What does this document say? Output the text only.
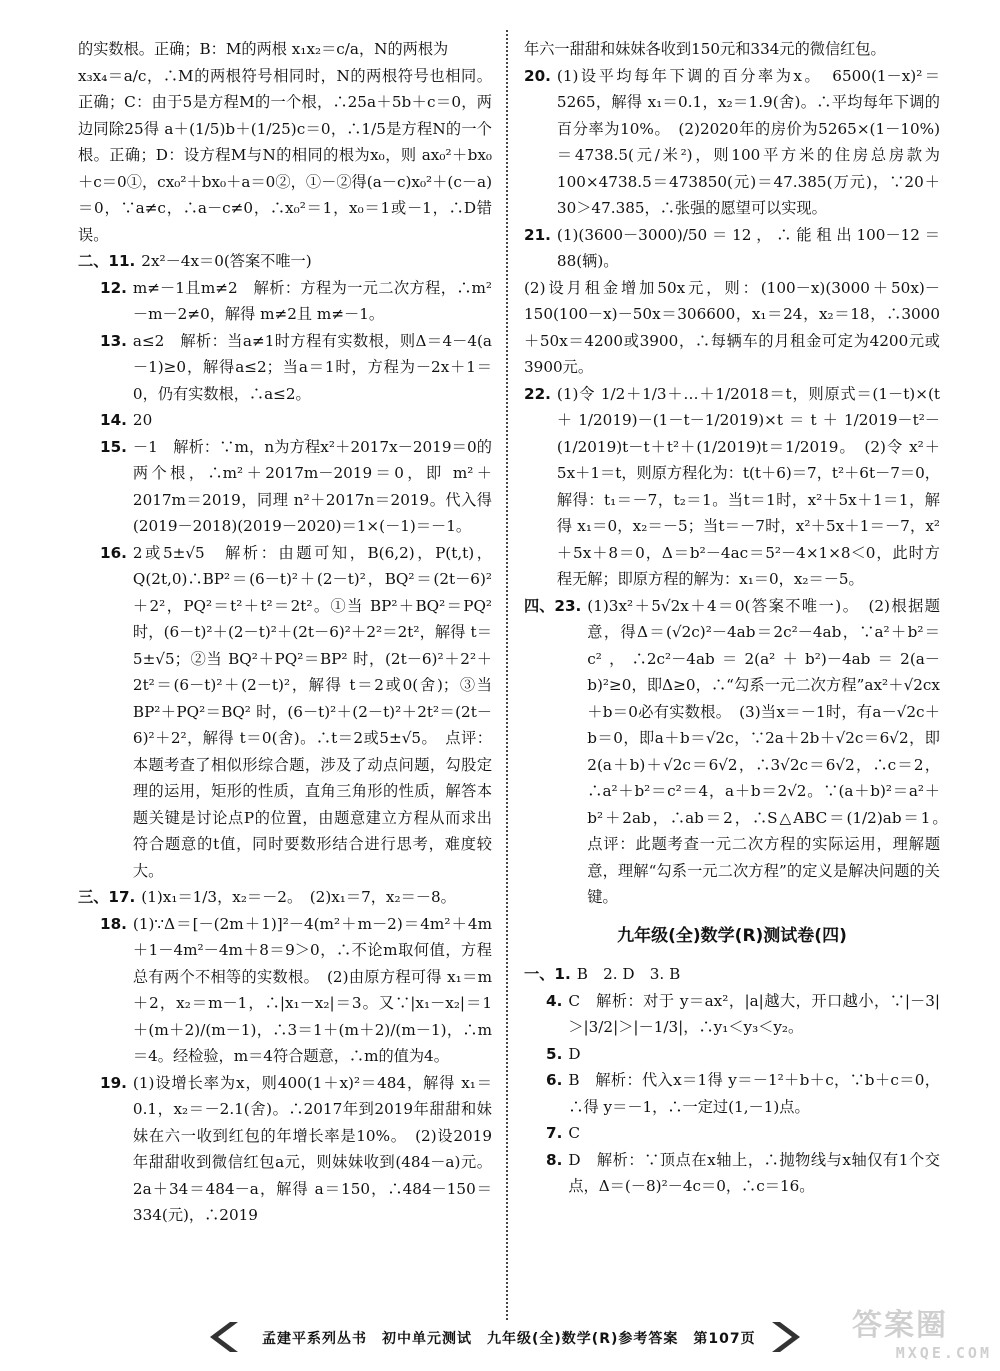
的实数根。正确；B：M的两根 x₁x₂＝c/a，N的两根为
x₃x₄＝a/c，∴M的两根符号相同时，N的两根符号也相同。正确；C：由于5是方程M的一个根，∴25a＋5b＋c＝0，两边同除25得 a＋(1/5)b＋(1/25)c＝0，∴1/5是方程N的一个根。正确；D：设方程M与N的相同的根为x₀，则 ax₀²＋bx₀＋c＝0①，cx₀²＋bx₀＋a＝0②，①－②得(a－c)x₀²＋(c－a)＝0，∵a≠c，∴a－c≠0，∴x₀²＝1，x₀＝1或－1，∴D错误。
二、11. 2x²－4x＝0(答案不唯一)
12. m≠－1且m≠2　解析：方程为一元二次方程，∴m²－m－2≠0，解得 m≠2且 m≠－1。
13. a≤2　解析：当a≠1时方程有实数根，则Δ＝4－4(a－1)≥0，解得a≤2；当a＝1时，方程为－2x＋1＝0，仍有实数根，∴a≤2。
14. 20
15. －1　解析：∵m，n为方程x²＋2017x－2019＝0的两个根，∴m²＋2017m－2019＝0，即 m²＋2017m＝2019，同理 n²＋2017n＝2019。代入得(2019－2018)(2019－2020)＝1×(－1)＝－1。
16. 2或5±√5　解析：由题可知，B(6,2)，P(t,t)，Q(2t,0)∴BP²＝(6－t)²＋(2－t)²，BQ²＝(2t－6)²＋2²，PQ²＝t²＋t²＝2t²。①当 BP²＋BQ²＝PQ² 时，(6－t)²＋(2－t)²＋(2t－6)²＋2²＝2t²，解得 t＝5±√5；②当 BQ²＋PQ²＝BP² 时，(2t－6)²＋2²＋2t²＝(6－t)²＋(2－t)²，解得 t＝2或0(舍)；③当 BP²＋PQ²＝BQ² 时，(6－t)²＋(2－t)²＋2t²＝(2t－6)²＋2²，解得 t＝0(舍)。∴t＝2或5±√5。　点评：本题考查了相似形综合题，涉及了动点问题，勾股定理的运用，矩形的性质，直角三角形的性质，解答本题关键是讨论点P的位置，由题意建立方程从而求出符合题意的t值，同时要数形结合进行思考，难度较大。
三、17. (1)x₁＝1/3，x₂＝－2。　(2)x₁＝7，x₂＝－8。
18. (1)∵Δ＝[－(2m＋1)]²－4(m²＋m－2)＝4m²＋4m＋1－4m²－4m＋8＝9＞0，∴不论m取何值，方程总有两个不相等的实数根。　(2)由原方程可得 x₁＝m＋2，x₂＝m－1，∴|x₁－x₂|＝3。又∵|x₁－x₂|＝1＋(m＋2)/(m－1)，∴3＝1＋(m＋2)/(m－1)，∴m＝4。经检验，m＝4符合题意，∴m的值为4。
19. (1)设增长率为x，则400(1＋x)²＝484，解得 x₁＝0.1，x₂＝－2.1(舍)。∴2017年到2019年甜甜和妹妹在六一收到红包的年增长率是10%。　(2)设2019年甜甜收到微信红包a元，则妹妹收到(484－a)元。2a＋34＝484－a，解得 a＝150，∴484－150＝334(元)，∴2019
年六一甜甜和妹妹各收到150元和334元的微信红包。
20. (1)设平均每年下调的百分率为x。　6500(1－x)²＝5265，解得 x₁＝0.1，x₂＝1.9(舍)。∴平均每年下调的百分率为10%。　(2)2020年的房价为5265×(1－10%)＝4738.5(元/米²)，则100平方米的住房总房款为100×4738.5＝473850(元)＝47.385(万元)，∵20＋30＞47.385，∴张强的愿望可以实现。
21. (1)(3600－3000)/50＝12，∴能租出100－12＝88(辆)。
(2)设月租金增加50x元，则：(100－x)(3000＋50x)－150(100－x)－50x＝306600，x₁＝24，x₂＝18，∴3000＋50x＝4200或3900，∴每辆车的月租金可定为4200元或3900元。
22. (1)令 1/2＋1/3＋…＋1/2018＝t，则原式＝(1－t)×(t＋1/2019)－(1－t－1/2019)×t＝t＋1/2019－t²－(1/2019)t－t＋t²＋(1/2019)t＝1/2019。　(2)令 x²＋5x＋1＝t，则原方程化为：t(t＋6)＝7，t²＋6t－7＝0，解得：t₁＝－7，t₂＝1。当t＝1时，x²＋5x＋1＝1，解得 x₁＝0，x₂＝－5；当t＝－7时，x²＋5x＋1＝－7，x²＋5x＋8＝0，Δ＝b²－4ac＝5²－4×1×8＜0，此时方程无解；即原方程的解为：x₁＝0，x₂＝－5。
四、23. (1)3x²＋5√2x＋4＝0(答案不唯一)。　(2)根据题意，得Δ＝(√2c)²－4ab＝2c²－4ab，∵a²＋b²＝c²，∴2c²－4ab＝2(a²＋b²)－4ab＝2(a－b)²≥0，即Δ≥0，∴“勾系一元二次方程”ax²＋√2cx＋b＝0必有实数根。　(3)当x＝－1时，有a－√2c＋b＝0，即a＋b＝√2c，∵2a＋2b＋√2c＝6√2，即2(a＋b)＋√2c＝6√2，∴3√2c＝6√2，∴c＝2，∴a²＋b²＝c²＝4，a＋b＝2√2。∵(a＋b)²＝a²＋b²＋2ab，∴ab＝2，∴S△ABC＝(1/2)ab＝1。　点评：此题考查一元二次方程的实际运用，理解题意，理解“勾系一元二次方程”的定义是解决问题的关键。
九年级(全)数学(R)测试卷(四)
一、1. B　2. D　3. B
4. C　解析：对于 y＝ax²，|a|越大，开口越小，∵|－3|＞|3/2|＞|－1/3|，∴y₁＜y₃＜y₂。
5. D
6. B　解析：代入x＝1得 y＝－1²＋b＋c，∵b＋c＝0，∴得 y＝－1，∴一定过(1,－1)点。
7. C
8. D　解析：∵顶点在x轴上，∴抛物线与x轴仅有1个交点，Δ＝(－8)²－4c＝0，∴c＝16。
孟建平系列丛书　初中单元测试　九年级(全)数学(R)参考答案　第107页	答案圈
MXQE.COM
